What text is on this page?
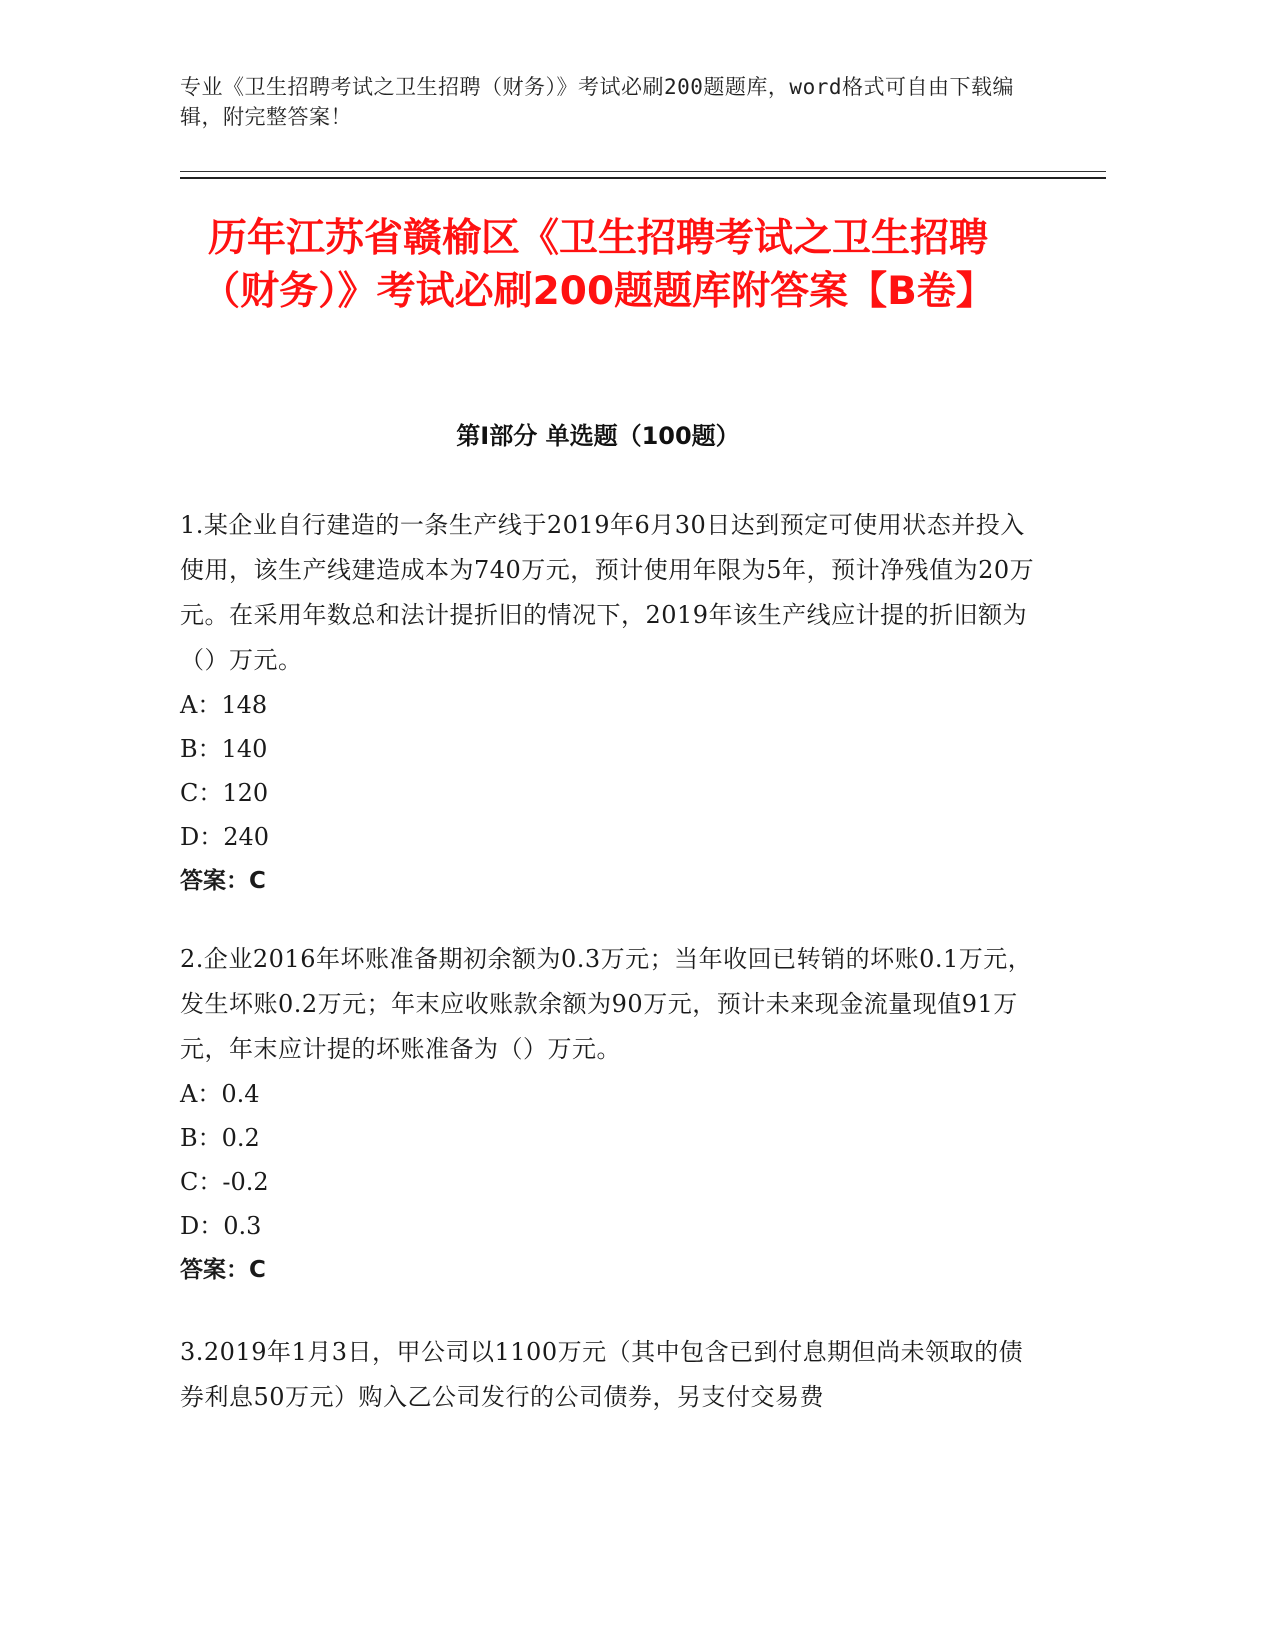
专业《卫生招聘考试之卫生招聘（财务）》考试必刷200题题库，word格式可自由下载编辑，附完整答案！
历年江苏省赣榆区《卫生招聘考试之卫生招聘（财务）》考试必刷200题题库附答案【B卷】
第I部分 单选题（100题）
1.某企业自行建造的一条生产线于2019年6月30日达到预定可使用状态并投入使用，该生产线建造成本为740万元，预计使用年限为5年，预计净残值为20万元。在采用年数总和法计提折旧的情况下，2019年该生产线应计提的折旧额为（）万元。
A：148
B：140
C：120
D：240
答案：C
2.企业2016年坏账准备期初余额为0.3万元；当年收回已转销的坏账0.1万元，发生坏账0.2万元；年末应收账款余额为90万元，预计未来现金流量现值91万元，年末应计提的坏账准备为（）万元。
A：0.4
B：0.2
C：-0.2
D：0.3
答案：C
3.2019年1月3日，甲公司以1100万元（其中包含已到付息期但尚未领取的债券利息50万元）购入乙公司发行的公司债券，另支付交易费
